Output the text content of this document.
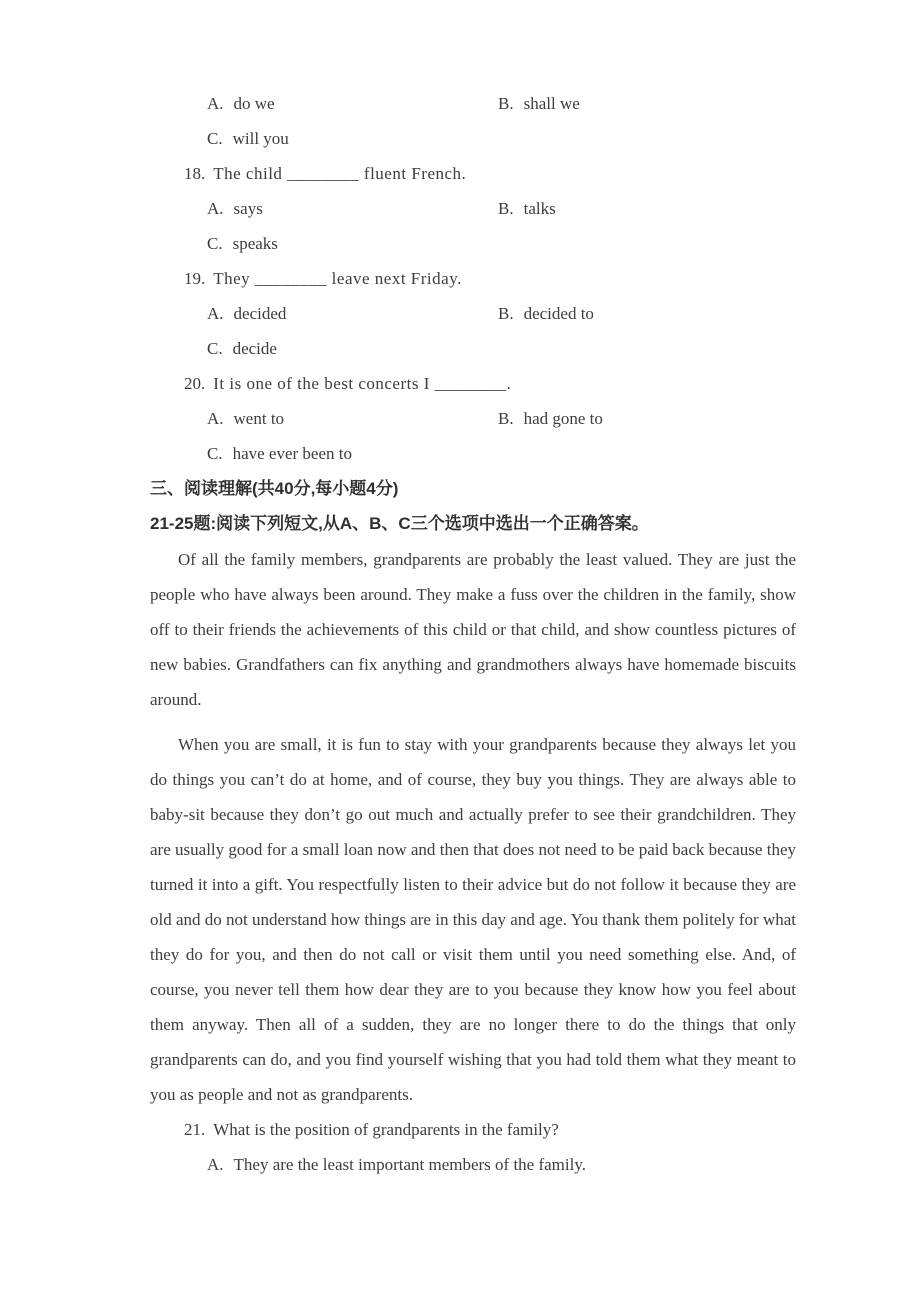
A. do we	B. shall we
C. will you
18. The child ________ fluent French.
A. says	B. talks
C. speaks
19. They ________ leave next Friday.
A. decided	B. decided to
C. decide
20. It is one of the best concerts I ________.
A. went to	B. had gone to
C. have ever been to
三、阅读理解(共40分,每小题4分)
21-25题:阅读下列短文,从A、B、C三个选项中选出一个正确答案。

Of all the family members, grandparents are probably the least valued. They are just the people who have always been around. They make a fuss over the children in the family, show off to their friends the achievements of this child or that child, and show countless pictures of new babies. Grandfathers can fix anything and grandmothers always have homemade biscuits around.

When you are small, it is fun to stay with your grandparents because they always let you do things you can’t do at home, and of course, they buy you things. They are always able to baby-sit because they don’t go out much and actually prefer to see their grandchildren. They are usually good for a small loan now and then that does not need to be paid back because they turned it into a gift. You respectfully listen to their advice but do not follow it because they are old and do not understand how things are in this day and age. You thank them politely for what they do for you, and then do not call or visit them until you need something else. And, of course, you never tell them how dear they are to you because they know how you feel about them anyway. Then all of a sudden, they are no longer there to do the things that only grandparents can do, and you find yourself wishing that you had told them what they meant to you as people and not as grandparents.

21. What is the position of grandparents in the family?
A. They are the least important members of the family.
